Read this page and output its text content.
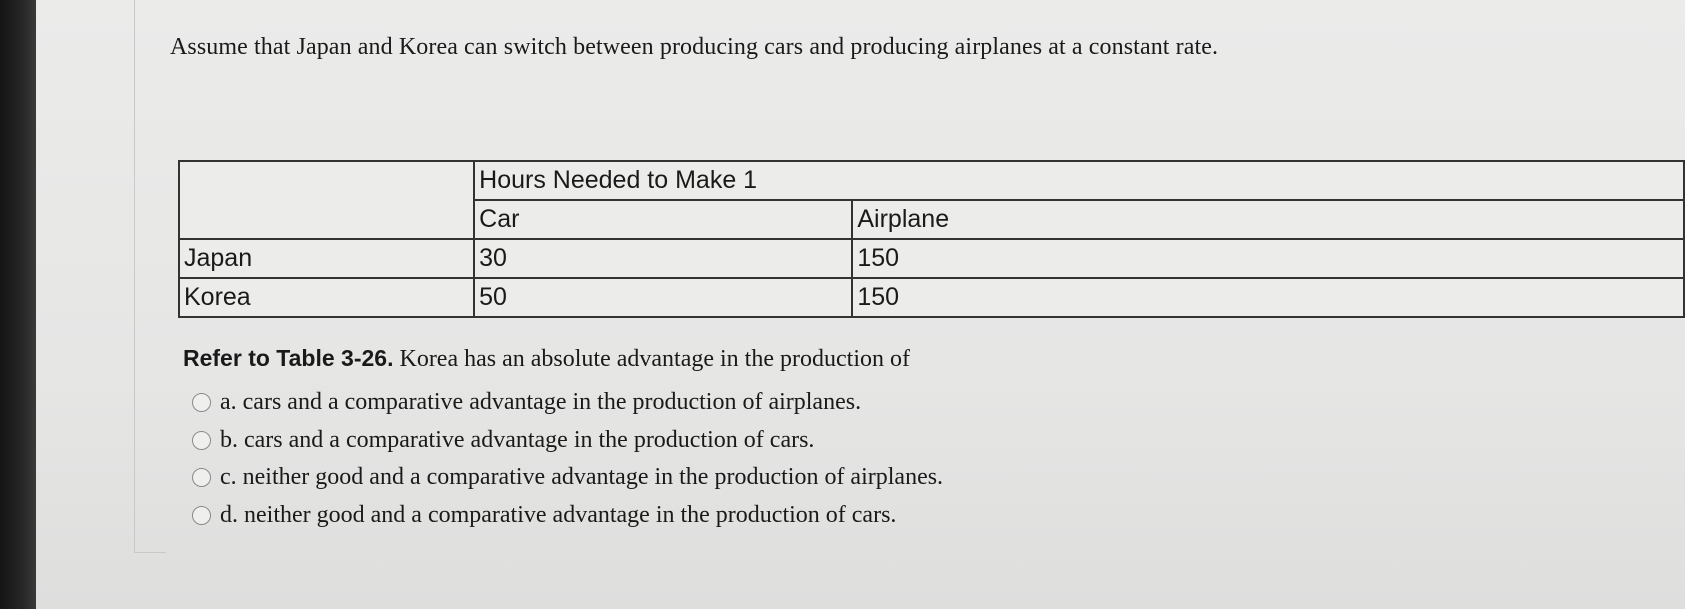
Assume that Japan and Korea can switch between producing cars and producing airplanes at a constant rate.
	Hours Needed to Make 1	
	Car	Airplane
Japan	30	150
Korea	50	150
Refer to Table 3-26. Korea has an absolute advantage in the production of
a. cars and a comparative advantage in the production of airplanes.
b. cars and a comparative advantage in the production of cars.
c. neither good and a comparative advantage in the production of airplanes.
d. neither good and a comparative advantage in the production of cars.
